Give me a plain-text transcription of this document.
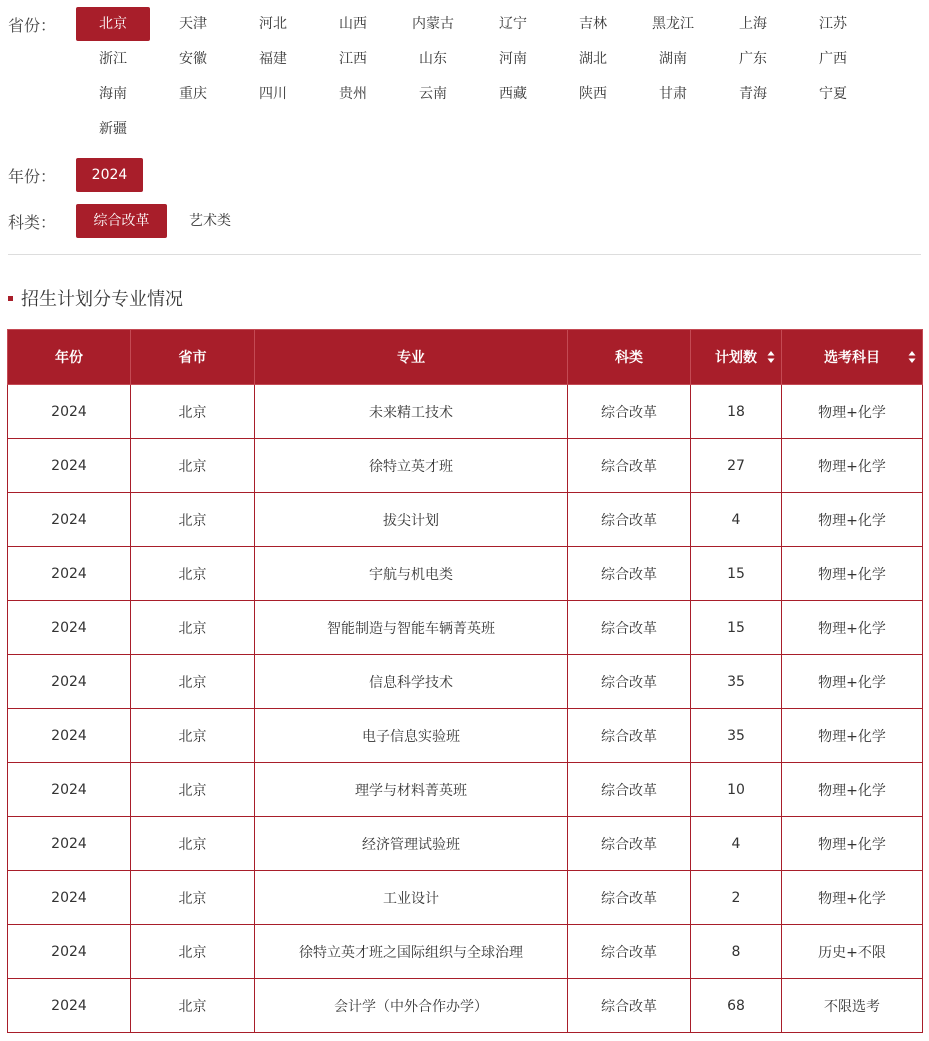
省份：	北京	天津	河北	山西	内蒙古	辽宁	吉林	黑龙江	上海	江苏
浙江	安徽	福建	江西	山东	河南	湖北	湖南	广东	广西
海南	重庆	四川	贵州	云南	西藏	陕西	甘肃	青海	宁夏
新疆
年份：	2024
科类：	综合改革	艺术类
招生计划分专业情况
年份	省市	专业	科类	计划数	选考科目

2024	北京	未来精工技术	综合改革	18	物理+化学
2024	北京	徐特立英才班	综合改革	27	物理+化学
2024	北京	拔尖计划	综合改革	4	物理+化学
2024	北京	宇航与机电类	综合改革	15	物理+化学
2024	北京	智能制造与智能车辆菁英班	综合改革	15	物理+化学
2024	北京	信息科学技术	综合改革	35	物理+化学
2024	北京	电子信息实验班	综合改革	35	物理+化学
2024	北京	理学与材料菁英班	综合改革	10	物理+化学
2024	北京	经济管理试验班	综合改革	4	物理+化学
2024	北京	工业设计	综合改革	2	物理+化学
2024	北京	徐特立英才班之国际组织与全球治理	综合改革	8	历史+不限
2024	北京	会计学（中外合作办学）	综合改革	68	不限选考
